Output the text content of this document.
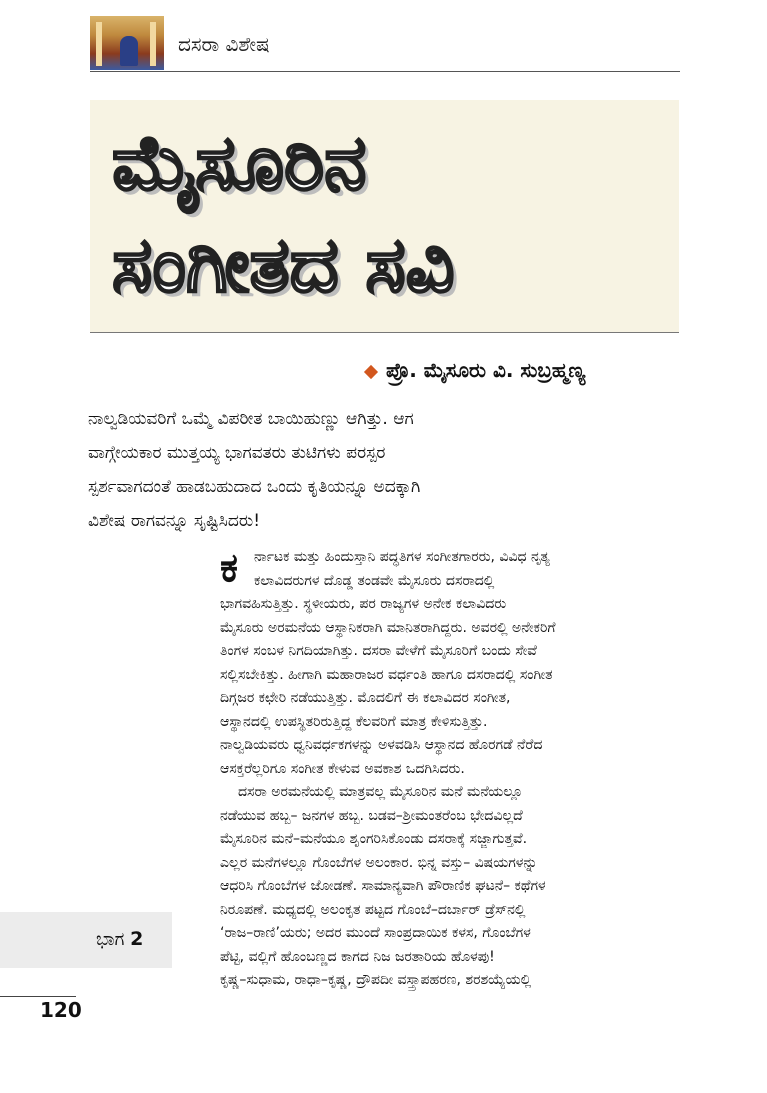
ದಸರಾ ವಿಶೇಷ
ಮೈಸೂರಿನ
ಸಂಗೀತದ ಸವಿ
ಪ್ರೊ. ಮೈಸೂರು ವಿ. ಸುಬ್ರಹ್ಮಣ್ಯ
ನಾಲ್ವಡಿಯವರಿಗೆ ಒಮ್ಮೆ ವಿಪರೀತ ಬಾಯಿಹುಣ್ಣು ಆಗಿತ್ತು. ಆಗ
ವಾಗ್ಗೇಯಕಾರ ಮುತ್ತಯ್ಯ ಭಾಗವತರು ತುಟಿಗಳು ಪರಸ್ಪರ
ಸ್ಪರ್ಶವಾಗದಂತೆ ಹಾಡಬಹುದಾದ ಒಂದು ಕೃತಿಯನ್ನೂ ಅದಕ್ಕಾಗಿ
ವಿಶೇಷ ರಾಗವನ್ನೂ ಸೃಷ್ಟಿಸಿದರು!
ಕ	ರ್ನಾಟಕ ಮತ್ತು ಹಿಂದುಸ್ತಾನಿ ಪದ್ಧತಿಗಳ ಸಂಗೀತಗಾರರು, ವಿವಿಧ ನೃತ್ಯ
ಕಲಾವಿದರುಗಳ ದೊಡ್ಡ ತಂಡವೇ ಮೈಸೂರು ದಸರಾದಲ್ಲಿ
ಭಾಗವಹಿಸುತ್ತಿತ್ತು. ಸ್ಥಳೀಯರು, ಪರ ರಾಜ್ಯಗಳ ಅನೇಕ ಕಲಾವಿದರು
ಮೈಸೂರು ಅರಮನೆಯ ಆಸ್ಥಾನಿಕರಾಗಿ ಮಾನಿತರಾಗಿದ್ದರು. ಅವರಲ್ಲಿ ಅನೇಕರಿಗೆ
ತಿಂಗಳ ಸಂಬಳ ನಿಗದಿಯಾಗಿತ್ತು. ದಸರಾ ವೇಳೆಗೆ ಮೈಸೂರಿಗೆ ಬಂದು ಸೇವೆ
ಸಲ್ಲಿಸಬೇಕಿತ್ತು. ಹೀಗಾಗಿ ಮಹಾರಾಜರ ವರ್ಧಂತಿ ಹಾಗೂ ದಸರಾದಲ್ಲಿ ಸಂಗೀತ
ದಿಗ್ಗಜರ ಕಛೇರಿ ನಡೆಯುತ್ತಿತ್ತು. ಮೊದಲಿಗೆ ಈ ಕಲಾವಿದರ ಸಂಗೀತ,
ಆಸ್ಥಾನದಲ್ಲಿ ಉಪಸ್ಥಿತರಿರುತ್ತಿದ್ದ ಕೆಲವರಿಗೆ ಮಾತ್ರ ಕೇಳಿಸುತ್ತಿತ್ತು.
ನಾಲ್ವಡಿಯವರು ಧ್ವನಿವರ್ಧಕಗಳನ್ನು ಅಳವಡಿಸಿ ಆಸ್ಥಾನದ ಹೊರಗಡೆ ನೆರೆದ
ಆಸಕ್ತರೆಲ್ಲರಿಗೂ ಸಂಗೀತ ಕೇಳುವ ಅವಕಾಶ ಒದಗಿಸಿದರು.
ದಸರಾ ಅರಮನೆಯಲ್ಲಿ ಮಾತ್ರವಲ್ಲ ಮೈಸೂರಿನ ಮನೆ ಮನೆಯಲ್ಲೂ
ನಡೆಯುವ ಹಬ್ಬ– ಜನಗಳ ಹಬ್ಬ. ಬಡವ–ಶ್ರೀಮಂತರೆಂಬ ಭೇದವಿಲ್ಲದೆ
ಮೈಸೂರಿನ ಮನೆ–ಮನೆಯೂ ಶೃಂಗರಿಸಿಕೊಂಡು ದಸರಾಕ್ಕೆ ಸಜ್ಜಾಗುತ್ತವೆ.
ಎಲ್ಲರ ಮನೆಗಳಲ್ಲೂ ಗೊಂಬೆಗಳ ಅಲಂಕಾರ. ಭಿನ್ನ ವಸ್ತು– ವಿಷಯಗಳನ್ನು
ಆಧರಿಸಿ ಗೊಂಬೆಗಳ ಜೋಡಣೆ. ಸಾಮಾನ್ಯವಾಗಿ ಪೌರಾಣಿಕ ಘಟನೆ– ಕಥೆಗಳ
ನಿರೂಪಣೆ. ಮಧ್ಯದಲ್ಲಿ ಅಲಂಕೃತ ಪಟ್ಟದ ಗೊಂಬೆ–ದರ್ಬಾರ್ ಡ್ರೆಸ್‌ನಲ್ಲಿ
‘ರಾಜ–ರಾಣಿ’ಯರು; ಅದರ ಮುಂದೆ ಸಾಂಪ್ರದಾಯಿಕ ಕಳಸ, ಗೊಂಬೆಗಳ
ಪೆಟ್ಟಿ, ವಲ್ಲಿಗೆ ಹೊಂಬಣ್ಣದ ಕಾಗದ ನಿಜ ಜರತಾರಿಯ ಹೊಳಪು!
ಕೃಷ್ಣ–ಸುಧಾಮ, ರಾಧಾ–ಕೃಷ್ಣ, ದ್ರೌಪದೀ ವಸ್ತ್ರಾಪಹರಣ, ಶರಶಯ್ಯೆಯಲ್ಲಿ
ಭಾಗ 2
120
